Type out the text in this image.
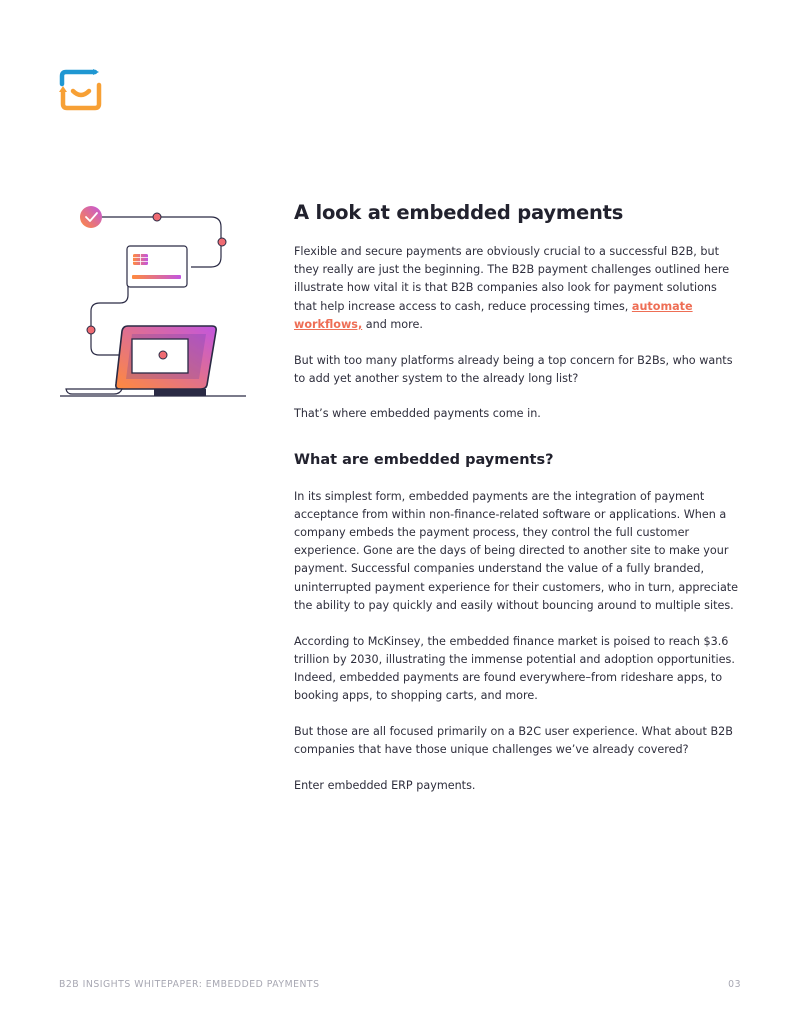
A look at embedded payments

Flexible and secure payments are obviously crucial to a successful B2B, but they really are just the beginning. The B2B payment challenges outlined here illustrate how vital it is that B2B companies also look for payment solutions that help increase access to cash, reduce processing times, automate workflows, and more.

But with too many platforms already being a top concern for B2Bs, who wants to add yet another system to the already long list?

That’s where embedded payments come in.

What are embedded payments?

In its simplest form, embedded payments are the integration of payment acceptance from within non-finance-related software or applications. When a company embeds the payment process, they control the full customer experience. Gone are the days of being directed to another site to make your payment. Successful companies understand the value of a fully branded, uninterrupted payment experience for their customers, who in turn, appreciate the ability to pay quickly and easily without bouncing around to multiple sites.

According to McKinsey, the embedded finance market is poised to reach $3.6 trillion by 2030, illustrating the immense potential and adoption opportunities. Indeed, embedded payments are found everywhere–from rideshare apps, to booking apps, to shopping carts, and more.

But those are all focused primarily on a B2C user experience. What about B2B companies that have those unique challenges we’ve already covered?

Enter embedded ERP payments.

B2B INSIGHTS WHITEPAPER: EMBEDDED PAYMENTS	03
